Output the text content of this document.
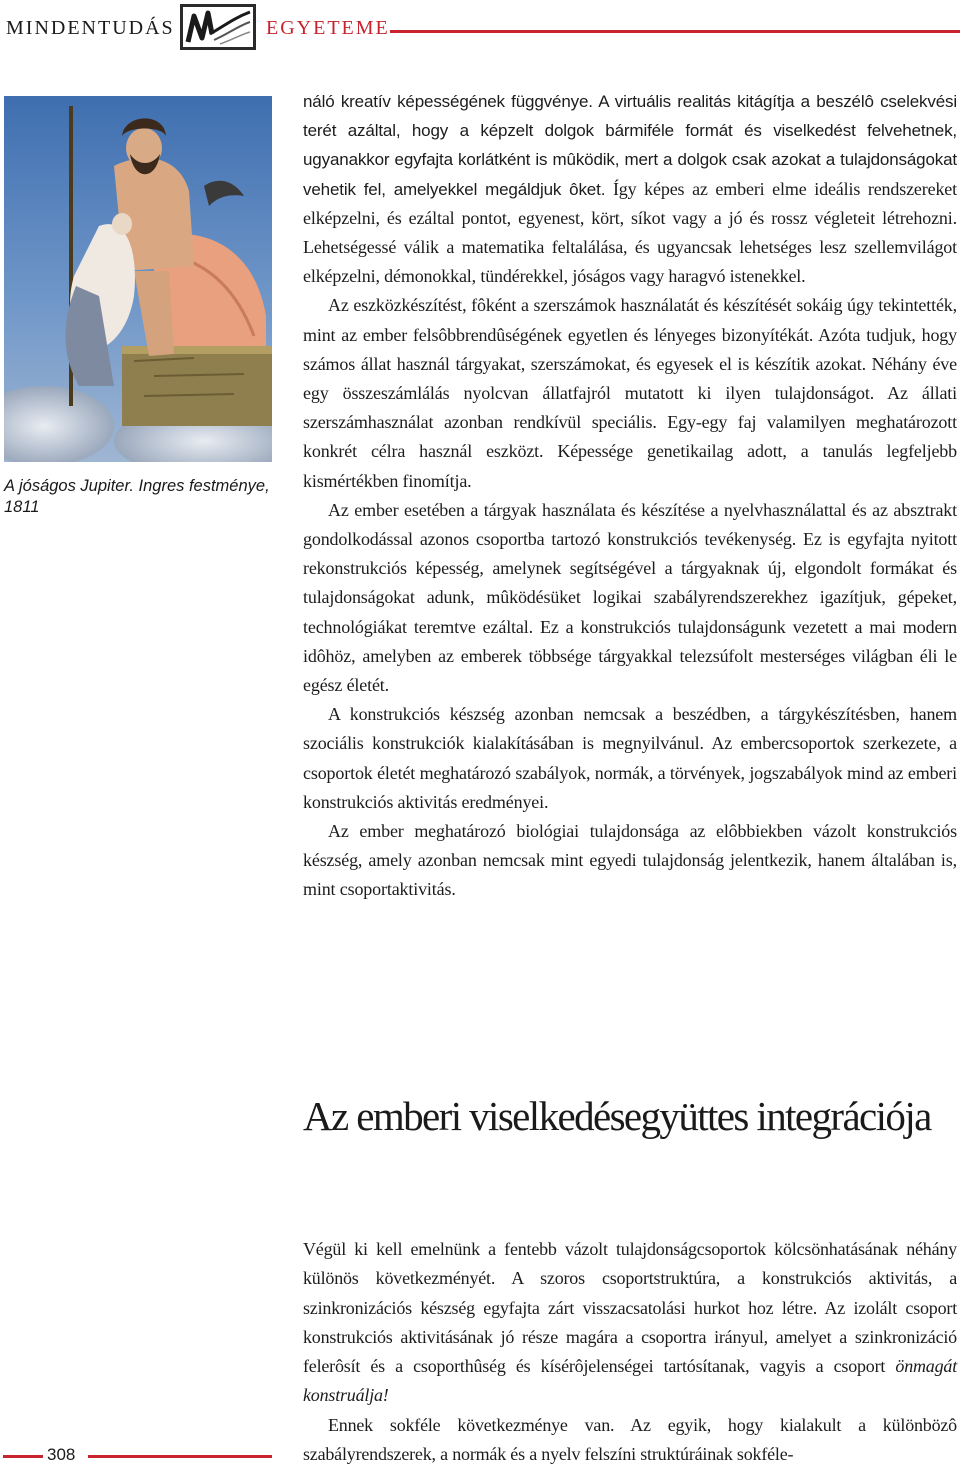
MINDENTUDÁS	EGYETEME
A jóságos Jupiter. Ingres festménye, 1811

náló kreatív képességének függvénye. A virtuális realitás kitágítja a beszélô cselekvési terét azáltal, hogy a képzelt dolgok bármiféle formát és viselkedést felvehetnek, ugyanakkor egyfajta korlátként is mûködik, mert a dolgok csak azokat a tulajdonságokat vehetik fel, amelyekkel megáldjuk ôket. Így képes az emberi elme ideális rendszereket elképzelni, és ezáltal pontot, egyenest, kört, síkot vagy a jó és rossz végleteit létrehozni. Lehetségessé válik a matematika feltalálása, és ugyancsak lehetséges lesz szellemvilágot elképzelni, démonokkal, tündérekkel, jóságos vagy haragvó istenekkel.

Az eszközkészítést, fôként a szerszámok használatát és készítését sokáig úgy tekintették, mint az ember felsôbbrendûségének egyetlen és lényeges bizonyítékát. Azóta tudjuk, hogy számos állat használ tárgyakat, szerszámokat, és egyesek el is készítik azokat. Néhány éve egy összeszámlálás nyolcvan állatfajról mutatott ki ilyen tulajdonságot. Az állati szerszámhasználat azonban rendkívül speciális. Egy-egy faj valamilyen meghatározott konkrét célra használ eszközt. Képessége genetikailag adott, a tanulás legfeljebb kismértékben finomítja.

Az ember esetében a tárgyak használata és készítése a nyelvhasználattal és az absztrakt gondolkodással azonos csoportba tartozó konstrukciós tevékenység. Ez is egyfajta nyitott rekonstrukciós képesség, amelynek segítségével a tárgyaknak új, elgondolt formákat és tulajdonságokat adunk, mûködésüket logikai szabályrendszerekhez igazítjuk, gépeket, technológiákat teremtve ezáltal. Ez a konstrukciós tulajdonságunk vezetett a mai modern idôhöz, amelyben az emberek többsége tárgyakkal telezsúfolt mesterséges világban éli le egész életét.

A konstrukciós készség azonban nemcsak a beszédben, a tárgykészítésben, hanem szociális konstrukciók kialakításában is megnyilvánul. Az embercsoportok szerkezete, a csoportok életét meghatározó szabályok, normák, a törvények, jogszabályok mind az emberi konstrukciós aktivitás eredményei.

Az ember meghatározó biológiai tulajdonsága az elôbbiekben vázolt konstrukciós készség, amely azonban nemcsak mint egyedi tulajdonság jelentkezik, hanem általában is, mint csoportaktivitás.

Az emberi viselkedésegyüttes integrációja

Végül ki kell emelnünk a fentebb vázolt tulajdonságcsoportok kölcsönhatásának néhány különös következményét. A szoros csoportstruktúra, a konstrukciós aktivitás, a szinkronizációs készség egyfajta zárt visszacsatolási hurkot hoz létre. Az izolált csoport konstrukciós aktivitásának jó része magára a csoportra irányul, amelyet a szinkronizáció felerôsít és a csoporthûség és kísérôjelenségei tartósítanak, vagyis a csoport önmagát konstruálja!

Ennek sokféle következménye van. Az egyik, hogy kialakult a különbözô szabályrendszerek, a normák és a nyelv felszíni struktúráinak sokféle-

308
